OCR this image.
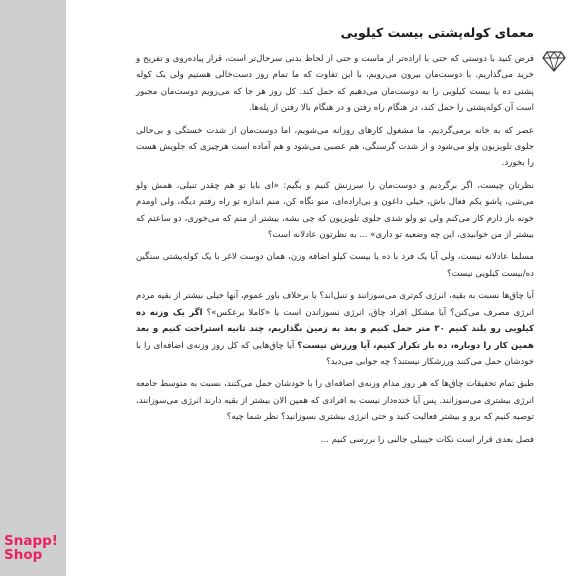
معمای کوله‌پشتی بیست کیلویی

فرض کنید با دوستی که حتی با اراده‌تر از ماست و حتی از لحاظ بدنی سرحال‌تر است، قرار پیاده‌روی و تفریح و خرید می‌گذاریم. با دوست‌مان بیرون می‌رویم، با این تفاوت که ما تمام روز دست‌خالی هستیم ولی یک کوله پشتی ده یا بیست کیلویی را به دوست‌مان می‌دهیم که حمل کند. کل روز هر جا که می‌رویم دوست‌مان مجبور است آن کوله‌پشتی را حمل کند، در هنگام راه رفتن و در هنگام بالا رفتن از پله‌ها.

عصر که به خانه برمی‌گردیم، ما مشغول کارهای روزانه می‌شویم، اما دوست‌مان از شدت خستگی و بی‌حالی جلوی تلویزیون ولو می‌شود و از شدت گرسنگی، هم عصبی می‌شود و هم آماده است هرچیزی که جلویش هست را بخورد.

نظرتان چیست، اگر برگردیم و دوست‌مان را سرزنش کنیم و بگیم: «ای بابا تو هم چقدر تنبلی، همش ولو می‌شی، پاشو یکم فعال باش، خیلی داغون و بی‌اراده‌ای، منو نگاه کن، منم اندازه تو راه رفتم دیگه، ولی اومدم خونه باز دارم کار می‌کنم ولی تو ولو شدی جلوی تلویزیون که چی بشه، بیشتر از منم که می‌خوری، دو ساعتم که بیشتر از من خوابیدی، این چه وضعیه تو داری» ... به نظرتون عادلانه است؟

مسلما عادلانه نیست، ولی آیا یک فرد با ده یا بیست کیلو اضافه وزن، همان دوست لاغر با یک کوله‌پشتی سنگین ده/بیست کیلویی نیست؟

آیا چاق‌ها نسبت به بقیه، انرژی کم‌تری می‌سوزانند و تنبل‌اند؟ یا برخلاف باور عموم، آنها خیلی بیشتر از بقیه مردم انرژی مصرف می‌کنن؟ آیا مشکل افراد چاق، انرژی نسوزاندن است یا «کاملا برعکس»؟ اگر یک وزنه ده کیلویی رو بلند کنیم ۳۰ متر حمل کنیم و بعد به زمین بگذاریم، چند ثانیه استراحت کنیم و بعد همین کار را دوباره، ده بار تکرار کنیم، آیا ورزش نیست؟ آیا چاق‌هایی که کل روز وزنه‌ی اضافه‌ای را با خودشان حمل می‌کنند ورزشکار نیستند؟ چه جوابی می‌دید؟

طبق تمام تحقیقات چاق‌ها که هر روز مدام وزنه‌ی اضافه‌ای را با خودشان حمل می‌کنند، نسبت به متوسط جامعه انرژی بیشتری می‌سوزانند. پس آیا خنده‌دار نیست به افرادی که همین الان بیشتر از بقیه دارند انرژی می‌سوزانند، توصیه کنیم که برو و بیشتر فعالیت کنید و حتی انرژی بیشتری بسوزانید؟ نظر شما چیه؟

فصل بعدی قرار است نکات خیییلی جالبی را بررسی کنیم ...

Snapp!
Shop
